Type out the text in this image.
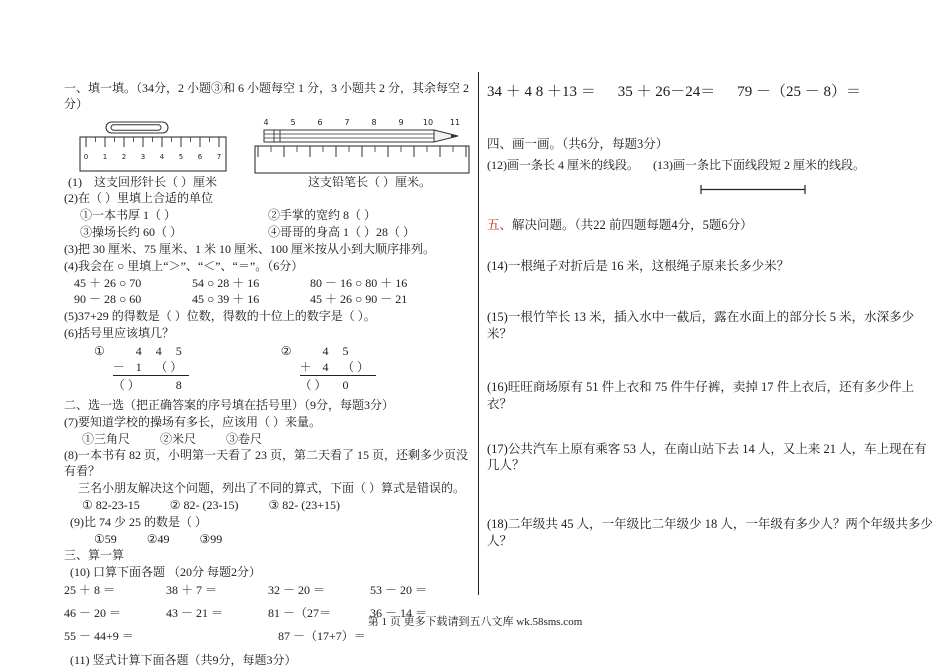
一、填一填。（34分，2 小题③和 6 小题每空 1 分，3 小题共 2 分，其余每空 2 分）
0 1 2 3 4 5 6 7
4	5	6	7	8	9 10 11
(1)	这支回形针长（ ）厘米	这支铅笔长（ ）厘米。
(2)在（ ）里填上合适的单位
①一本书厚 1（ ）	②手掌的宽约 8（ ）
③操场长约 60（ ）	④哥哥的身高 1（ ）28（ ）
(3)把 30 厘米、75 厘米、1 米 10 厘米、100 厘米按从小到大顺序排列。
(4)我会在 ○ 里填上“＞”、“＜”、“＝”。（6分）
45 ＋ 26 ○ 70	54 ○ 28 ＋ 16	80 － 16 ○ 80 ＋ 16
90 － 28 ○ 60	45 ○ 39 ＋ 16	45 ＋ 26 ○ 90 － 21
(5)37+29 的得数是（ ）位数，得数的十位上的数字是（ ）。
(6)括号里应该填几？
①	4	4	5
－ 1	（ ）
（ ）	8
②	4	5
＋ 4	（ ）
（ ）	0
二、选一选（把正确答案的序号填在括号里）（9分，每题3分）
(7)要知道学校的操场有多长，应该用（ ）来量。
①三角尺	②米尺	③卷尺
(8)一本书有 82 页，小明第一天看了 23 页，第二天看了 15 页，还剩多少页没有看？
三名小朋友解决这个问题，列出了不同的算式，下面（ ）算式是错误的。
① 82-23-15	② 82- (23-15)	③ 82- (23+15)
(9)比 74 少 25 的数是（ ）
①59	②49	③99
三、算一算
(10) 口算下面各题 （20分 每题2分）
25 ＋ 8 ＝	38 ＋ 7 ＝	32 － 20 ＝	53 － 20 ＝
46 － 20 ＝	43 － 21 ＝	81 －（27＝	36 － 14 ＝
55 － 44+9 ＝	87 －（17+7）＝
(11) 竖式计算下面各题（共9分，每题3分）
34 ＋ 4 8 ＋13 ＝ 35 ＋ 26－24＝ 79 －（25 － 8）＝
四、画一画。（共6分，每题3分）
(12)画一条长 4 厘米的线段。 (13)画一条比下面线段短 2 厘米的线段。
五、解决问题。（共22 前四题每题4分，5题6分）
(14)一根绳子对折后是 16 米，这根绳子原来长多少米？
(15)一根竹竿长 13 米，插入水中一截后，露在水面上的部分长 5 米，水深多少米？
(16)旺旺商场原有 51 件上衣和 75 件牛仔裤，卖掉 17 件上衣后，还有多少件上衣？
(17)公共汽车上原有乘客 53 人，在南山站下去 14 人，又上来 21 人，车上现在有几人？
(18)二年级共 45 人，一年级比二年级少 18 人，一年级有多少人？两个年级共多少人？
第 1 页 更多下载请到五八文库 wk.58sms.com
